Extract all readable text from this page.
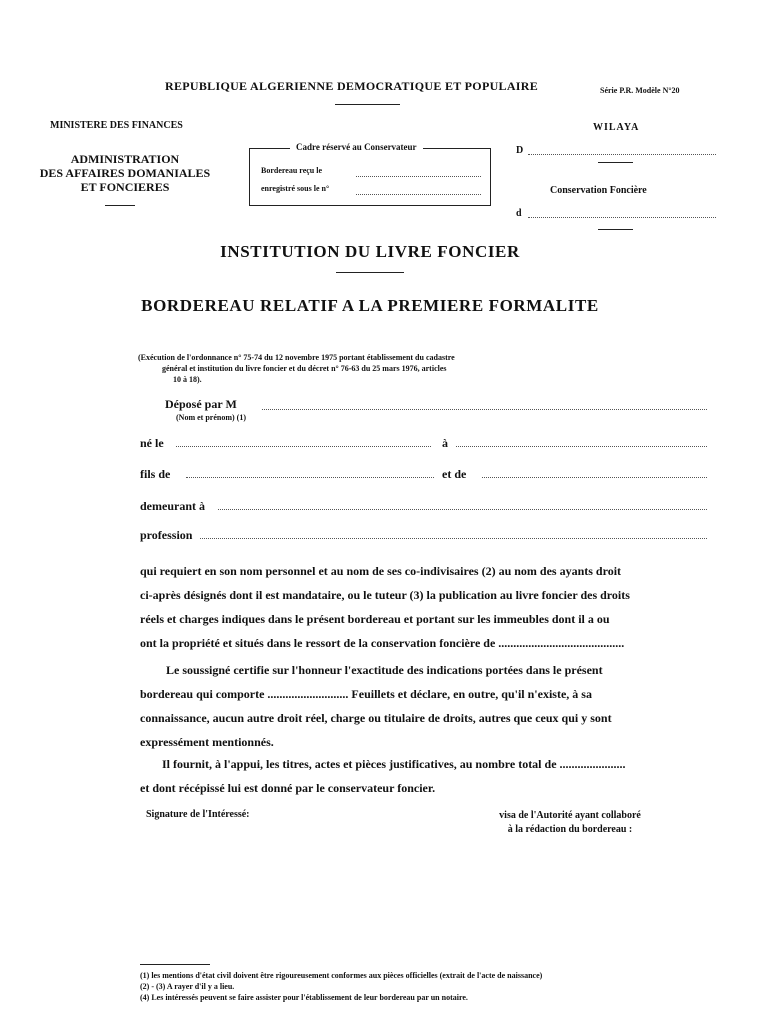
REPUBLIQUE ALGERIENNE DEMOCRATIQUE ET POPULAIRE	Série P.R. Modèle N°20
MINISTERE DES FINANCES
ADMINISTRATION
DES AFFAIRES DOMANIALES
ET FONCIERES
Cadre réservé au Conservateur
Bordereau reçu le
enregistré sous le n°
WILAYA
D
Conservation Foncière
d
INSTITUTION DU LIVRE FONCIER
BORDEREAU RELATIF A LA PREMIERE FORMALITE
(Exécution de l'ordonnance n° 75-74 du 12 novembre 1975 portant établissement du cadastre
général et institution du livre foncier et du décret n° 76-63 du 25 mars 1976, articles
10 à 18).
Déposé par M
(Nom et prénom) (1)
né le	à
fils de	et de
demeurant à
profession
qui requiert en son nom personnel et au nom de ses co-indivisaires (2) au nom des ayants droit
ci-après désignés dont il est mandataire, ou le tuteur (3) la publication au livre foncier des droits
réels et charges indiques dans le présent bordereau et portant sur les immeubles dont il a ou
ont la propriété et situés dans le ressort de la conservation foncière de ..........................................
Le soussigné certifie sur l'honneur l'exactitude des indications portées dans le présent
bordereau qui comporte ........................... Feuillets et déclare, en outre, qu'il n'existe, à sa
connaissance, aucun autre droit réel, charge ou titulaire de droits, autres que ceux qui y sont
expressément mentionnés.
Il fournit, à l'appui, les titres, actes et pièces justificatives, au nombre total de ......................
et dont récépissé lui est donné par le conservateur foncier.
Signature de l'Intéressé:	visa de l'Autorité ayant collaboré
à la rédaction du bordereau :
(1) les mentions d'état civil doivent être rigoureusement conformes aux pièces officielles (extrait de l'acte de naissance)
(2) - (3) A rayer d'il y a lieu.
(4) Les intéressés peuvent se faire assister pour l'établissement de leur bordereau par un notaire.
